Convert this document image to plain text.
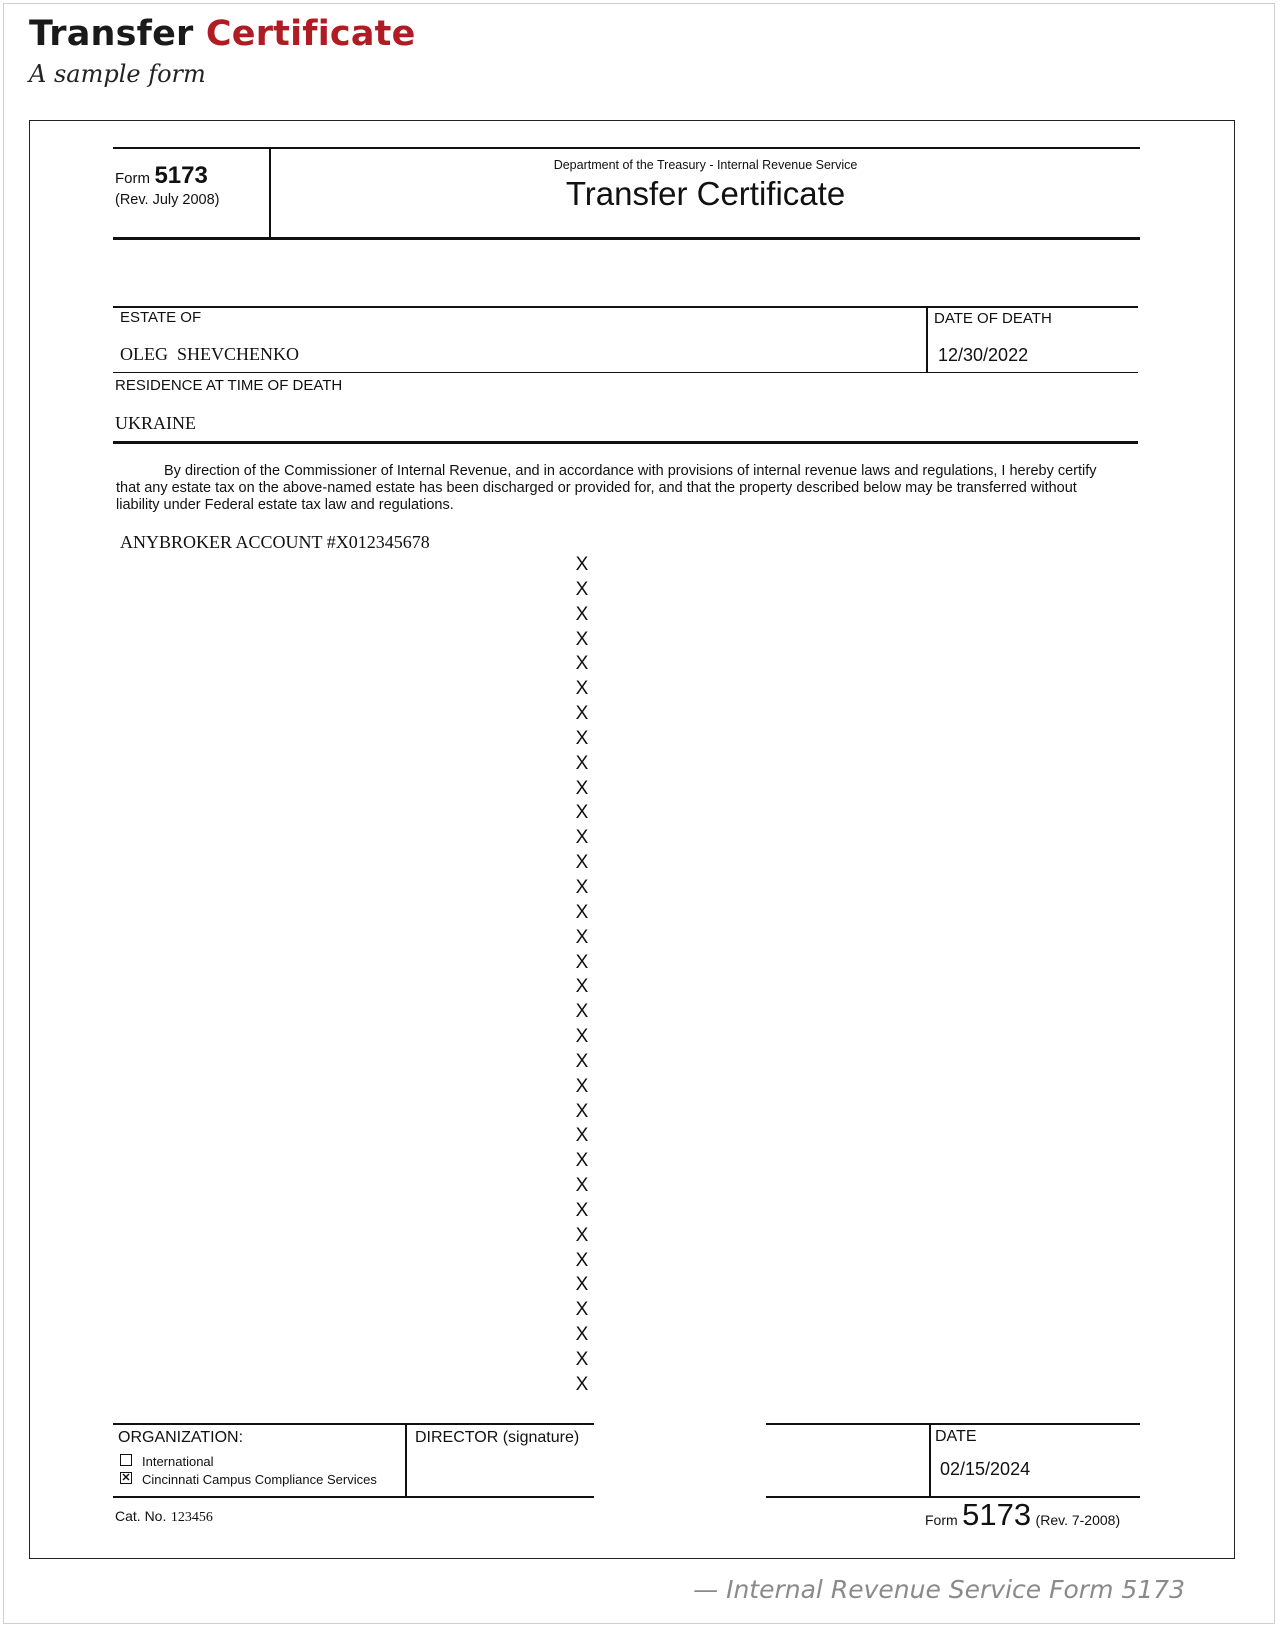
Transfer Certificate
A sample form
Form 5173
(Rev. July 2008)
Department of the Treasury - Internal Revenue Service
Transfer Certificate
ESTATE OF
OLEG  SHEVCHENKO
DATE OF DEATH
12/30/2022
RESIDENCE AT TIME OF DEATH
UKRAINE
By direction of the Commissioner of Internal Revenue, and in accordance with provisions of internal revenue laws and regulations, I hereby certify that any estate tax on the above-named estate has been discharged or provided for, and that the property described below may be transferred without liability under Federal estate tax law and regulations.
ANYBROKER ACCOUNT #X012345678
X
X
X
X
X
X
X
X
X
X
X
X
X
X
X
X
X
X
X
X
X
X
X
X
X
X
X
X
X
X
X
X
X
X
ORGANIZATION:
International
✕ Cincinnati Campus Compliance Services
DIRECTOR (signature)	DATE
02/15/2024
Cat. No. 123456	Form 5173 (Rev. 7-2008)
— Internal Revenue Service Form 5173
